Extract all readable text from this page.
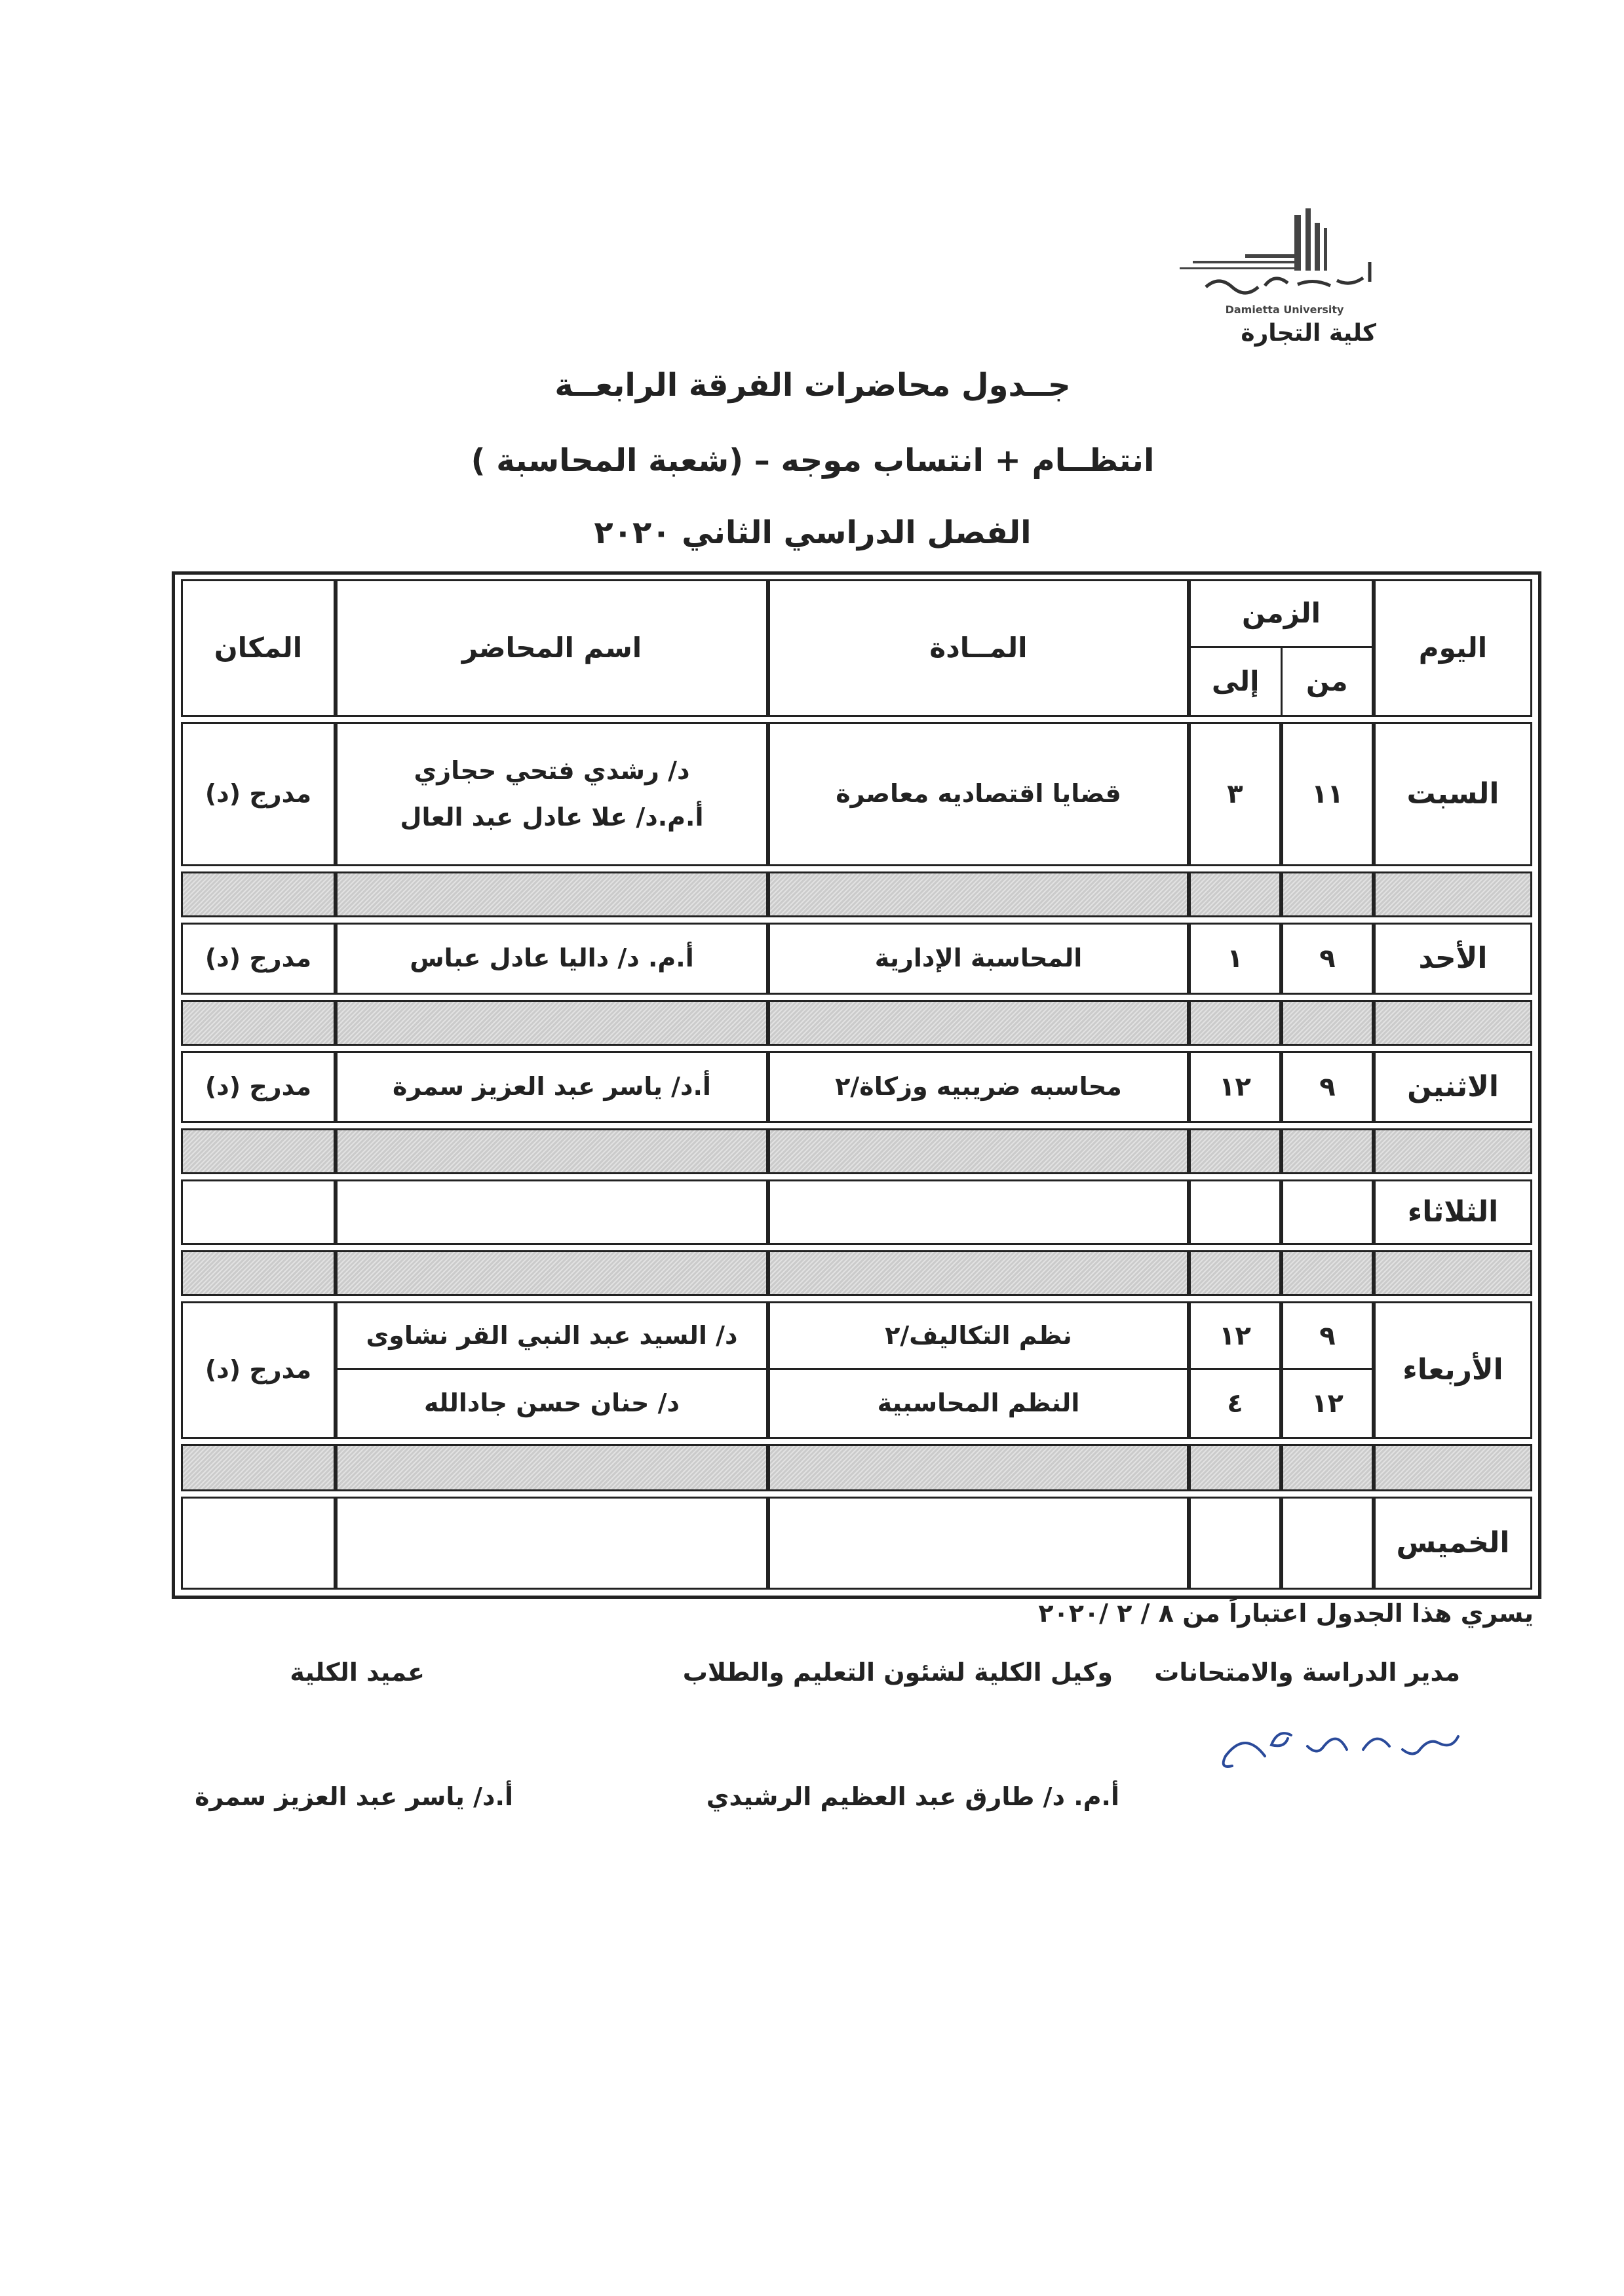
Damietta University
كلية التجارة
جــدول محاضرات الفرقة الرابعــة
انتظــام + انتساب موجه – (شعبة المحاسبة )
الفصل الدراسي الثاني ٢٠٢٠
اليوم
الزمن
من
إلى
المــادة
اسم المحاضر
المكان
السبت
١١
٣
قضايا اقتصاديه معاصرة
د/ رشدي فتحي حجازي
أ.م.د/ علا عادل عبد العال
مدرج (د)
الأحد
٩
١
المحاسبة الإدارية
أ.م. د/ داليا عادل عباس
مدرج (د)
الاثنين
٩
١٢
محاسبه ضريبيه وزكاة/٢
أ.د/ ياسر عبد العزيز سمرة
مدرج (د)
الثلاثاء
الأربعاء
٩
١٢
١٢
٤
نظم التكاليف/٢
النظم المحاسبية
د/ السيد عبد النبي القر نشاوى
د/ حنان حسن جادالله
مدرج (د)
الخميس
يسري هذا الجدول اعتباراً من ٨ / ٢ /٢٠٢٠
مدير الدراسة والامتحانات
وكيل الكلية لشئون التعليم والطلاب
عميد الكلية
أ.م. د/ طارق عبد العظيم الرشيدي
أ.د/ ياسر عبد العزيز سمرة
